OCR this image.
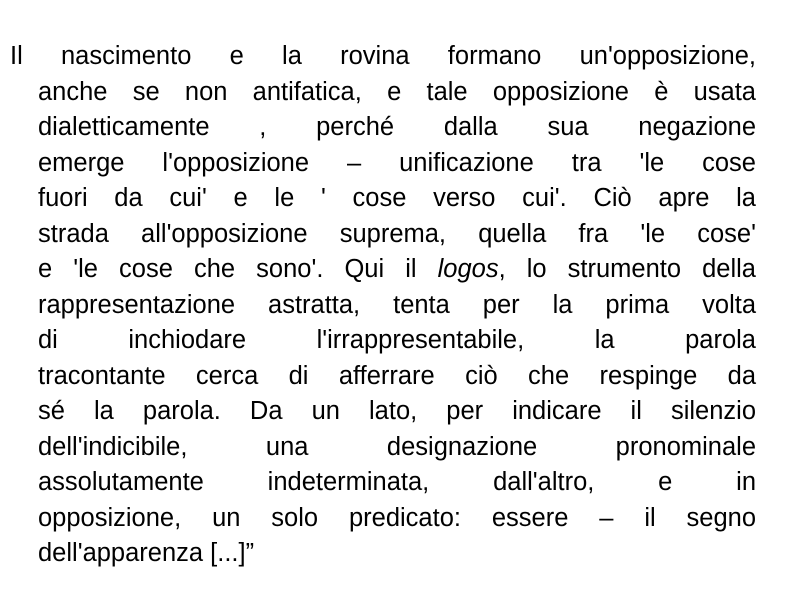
Il nascimento e la rovina formano un'opposizione,
anche se non antifatica, e tale opposizione è usata
dialetticamente , perché dalla sua negazione
emerge l'opposizione – unificazione tra 'le cose
fuori da cui' e le ' cose verso cui'. Ciò apre la
strada all'opposizione suprema, quella fra 'le cose'
e 'le cose che sono'. Qui il logos, lo strumento della
rappresentazione astratta, tenta per la prima volta
di inchiodare l'irrappresentabile, la parola
tracontante cerca di afferrare ciò che respinge da
sé la parola. Da un lato, per indicare il silenzio
dell'indicibile, una designazione pronominale
assolutamente indeterminata, dall'altro, e in
opposizione, un solo predicato: essere – il segno
dell'apparenza [...]”
